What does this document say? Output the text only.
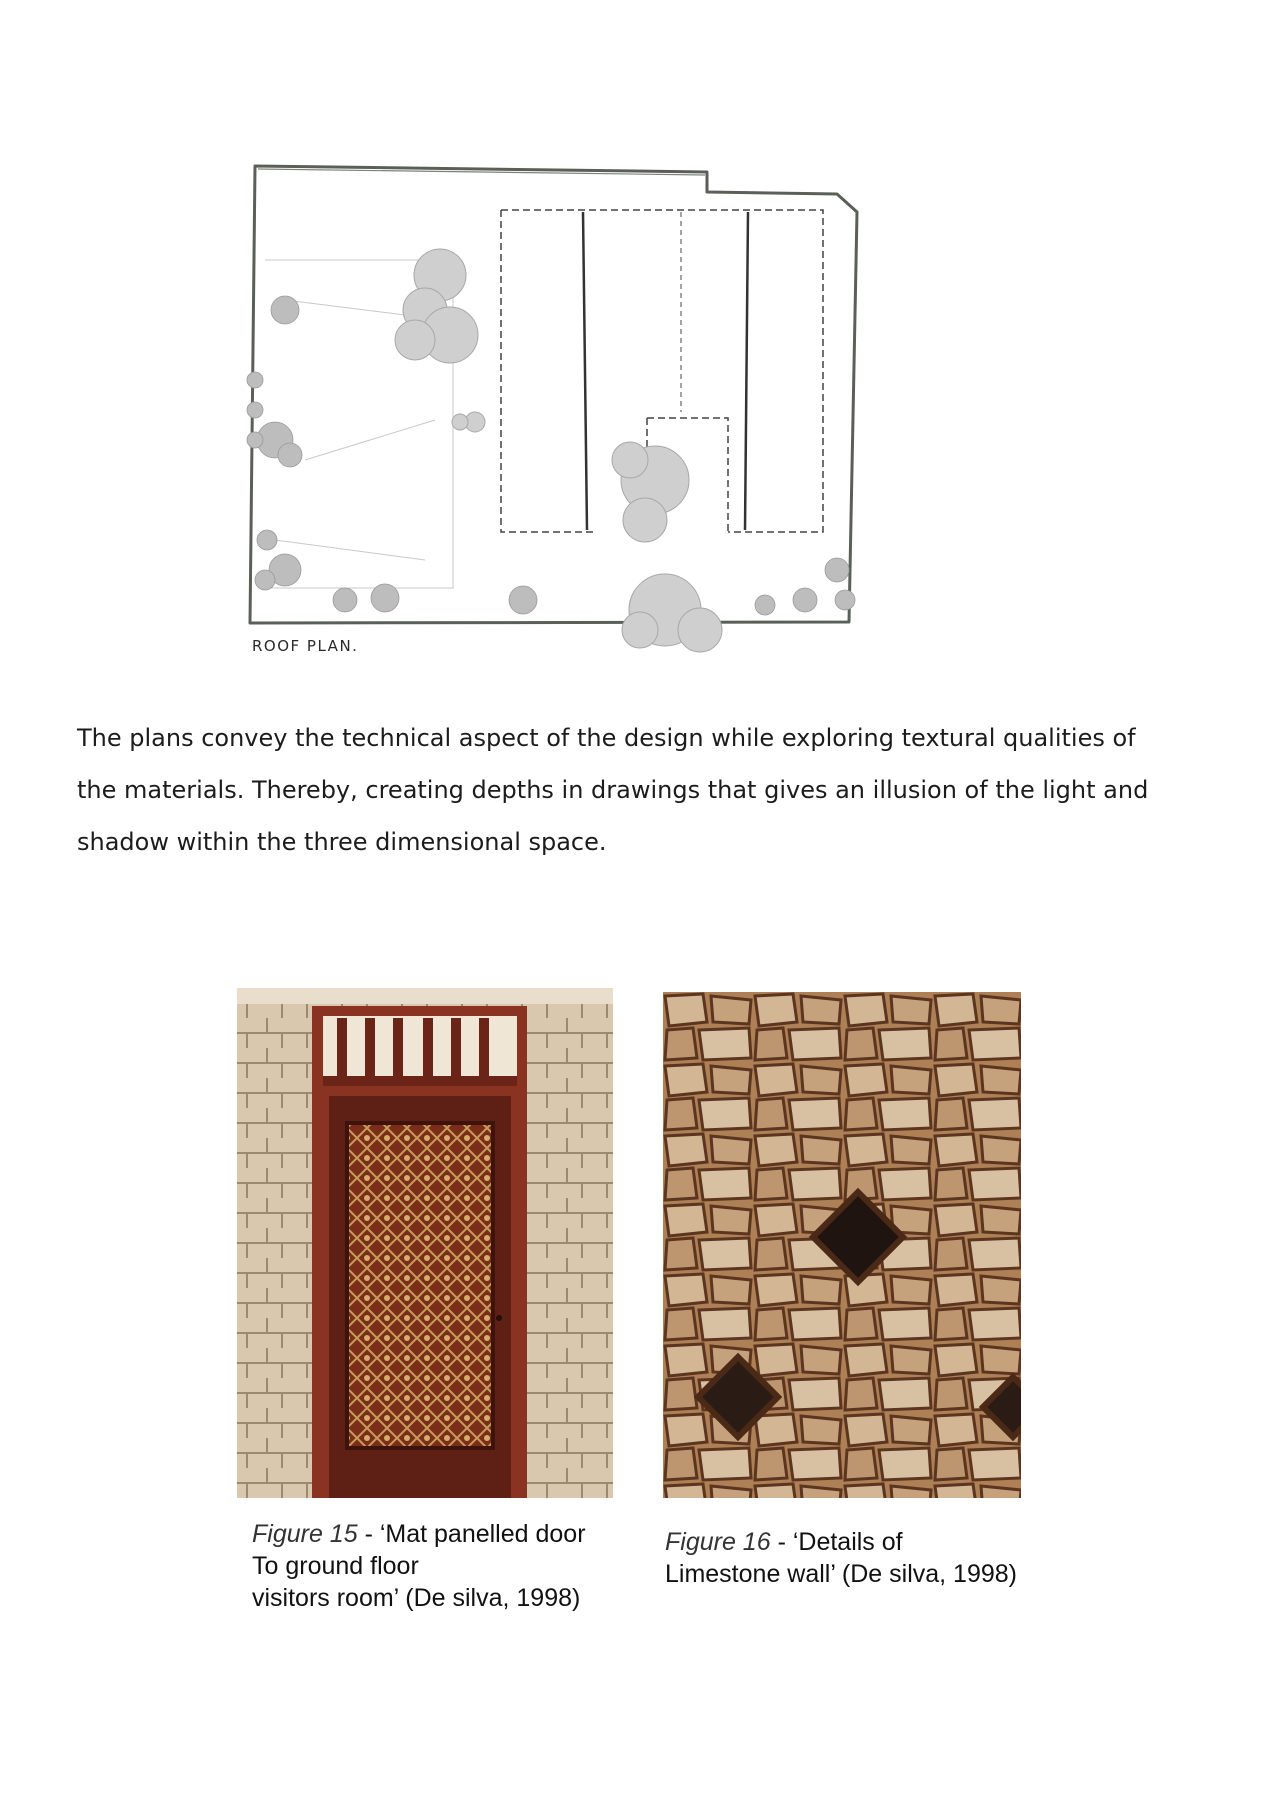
ROOF PLAN.

The plans convey the technical aspect of the design while exploring textural qualities of

the materials. Thereby, creating depths in drawings that gives an illusion of the light and

shadow within the three dimensional space.

Figure 15 - ‘Mat panelled door
To ground floor
visitors room’ (De silva, 1998)
Figure 16 - ‘Details of
Limestone wall’ (De silva, 1998)
